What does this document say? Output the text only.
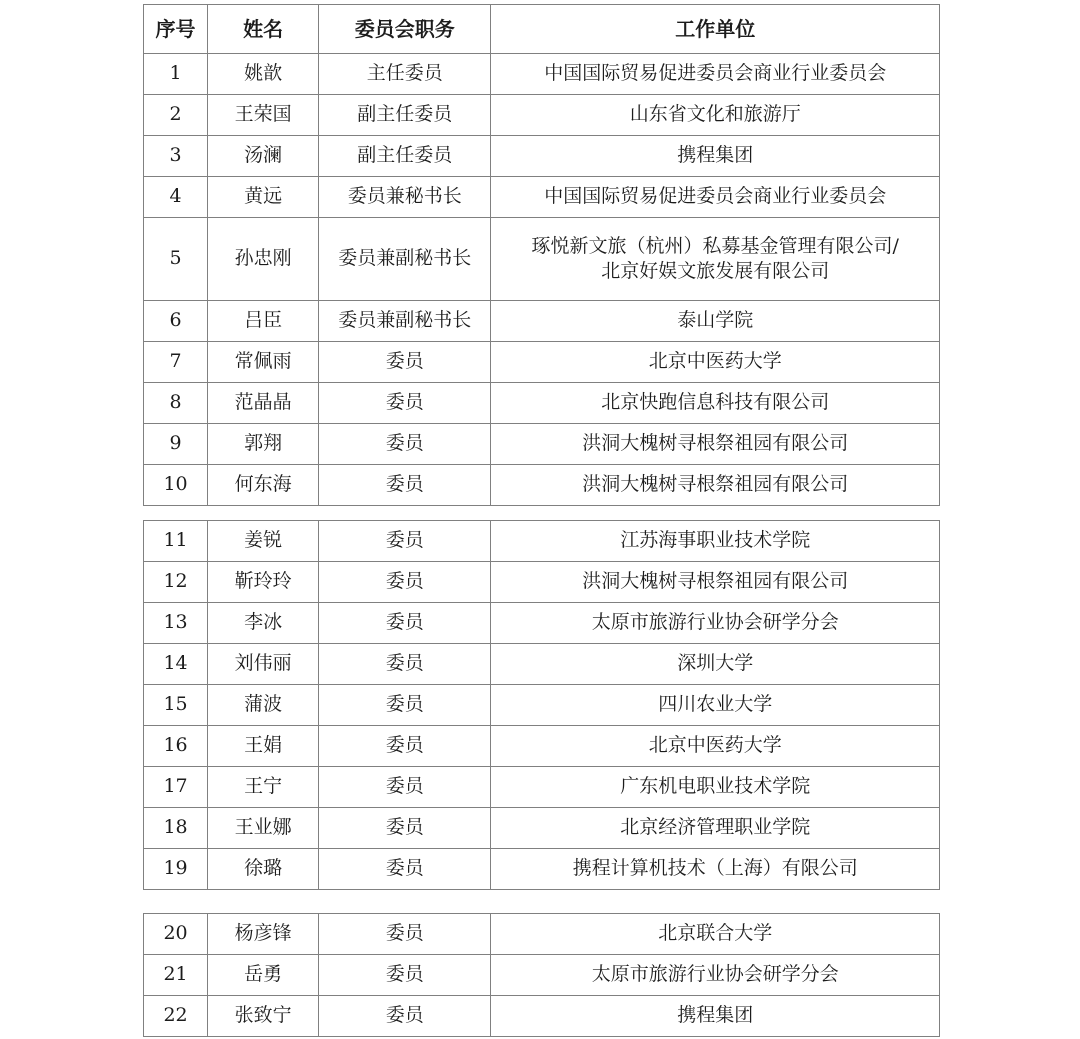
序号	姓名	委员会职务	工作单位
1	姚歆	主任委员	中国国际贸易促进委员会商业行业委员会
2	王荣国	副主任委员	山东省文化和旅游厅
3	汤澜	副主任委员	携程集团
4	黄远	委员兼秘书长	中国国际贸易促进委员会商业行业委员会
5	孙忠刚	委员兼副秘书长	琢悦新文旅（杭州）私募基金管理有限公司/
北京好娱文旅发展有限公司

6	吕臣	委员兼副秘书长	泰山学院
7	常佩雨	委员	北京中医药大学
8	范晶晶	委员	北京快跑信息科技有限公司
9	郭翔	委员	洪洞大槐树寻根祭祖园有限公司
10	何东海	委员	洪洞大槐树寻根祭祖园有限公司
11	姜锐	委员	江苏海事职业技术学院
12	靳玲玲	委员	洪洞大槐树寻根祭祖园有限公司
13	李冰	委员	太原市旅游行业协会研学分会
14	刘伟丽	委员	深圳大学
15	蒲波	委员	四川农业大学
16	王娟	委员	北京中医药大学
17	王宁	委员	广东机电职业技术学院
18	王业娜	委员	北京经济管理职业学院
19	徐璐	委员	携程计算机技术（上海）有限公司
20	杨彦锋	委员	北京联合大学
21	岳勇	委员	太原市旅游行业协会研学分会
22	张致宁	委员	携程集团
